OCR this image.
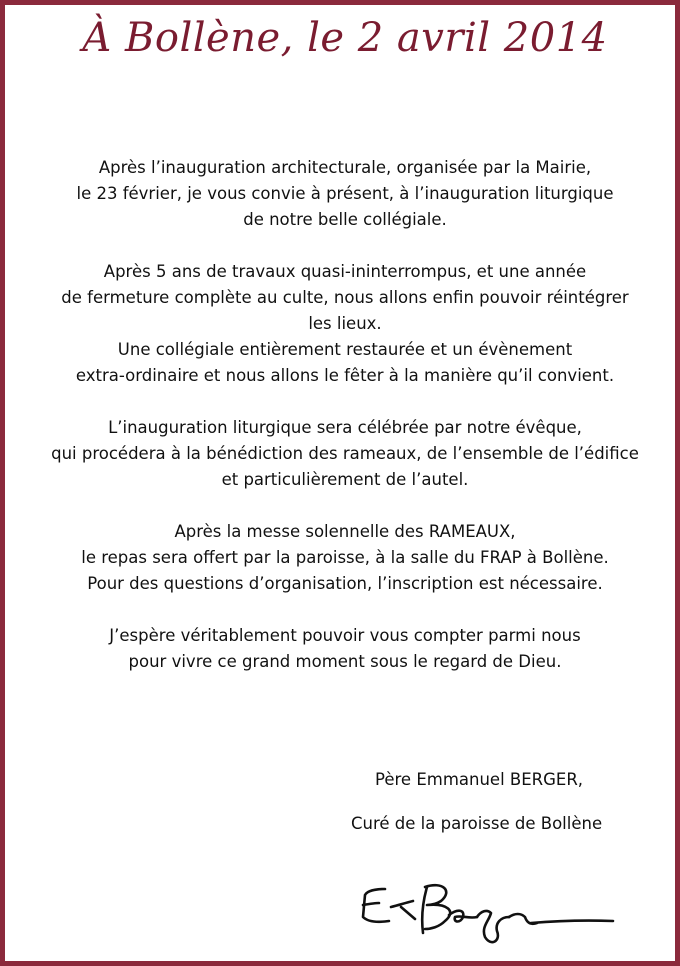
À Bollène, le 2 avril 2014

Après l’inauguration architecturale, organisée par la Mairie,
le 23 février, je vous convie à présent, à l’inauguration liturgique
de notre belle collégiale.

Après 5 ans de travaux quasi-ininterrompus, et une année
de fermeture complète au culte, nous allons enfin pouvoir réintégrer
les lieux.
Une collégiale entièrement restaurée et un évènement
extra-ordinaire et nous allons le fêter à la manière qu’il convient.

L’inauguration liturgique sera célébrée par notre évêque,
qui procédera à la bénédiction des rameaux, de l’ensemble de l’édifice
et particulièrement de l’autel.

Après la messe solennelle des RAMEAUX,
le repas sera offert par la paroisse, à la salle du FRAP à Bollène.
Pour des questions d’organisation, l’inscription est nécessaire.

J’espère véritablement pouvoir vous compter parmi nous
pour vivre ce grand moment sous le regard de Dieu.

Père Emmanuel BERGER,
Curé de la paroisse de Bollène
